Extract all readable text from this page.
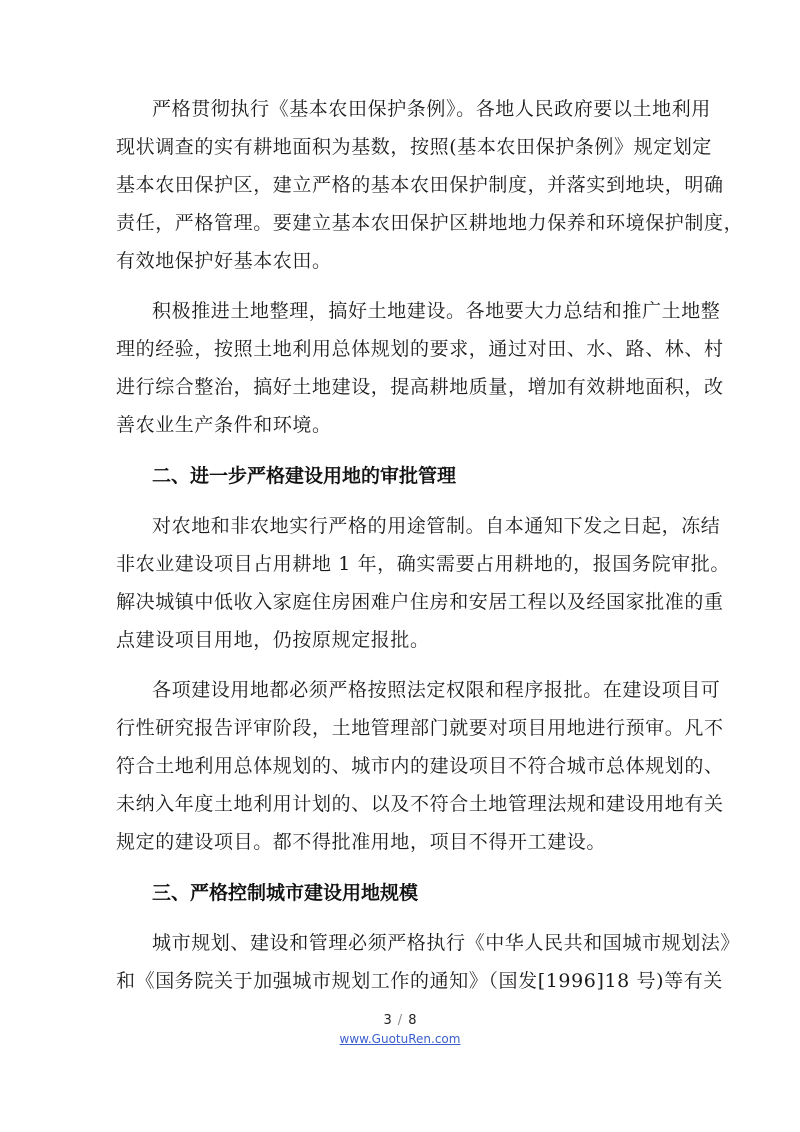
严格贯彻执行《基本农田保护条例》。各地人民政府要以土地利用
现状调查的实有耕地面积为基数，按照(基本农田保护条例》规定划定
基本农田保护区，建立严格的基本农田保护制度，并落实到地块，明确
责任，严格管理。要建立基本农田保护区耕地地力保养和环境保护制度，
有效地保护好基本农田。
积极推进土地整理，搞好土地建设。各地要大力总结和推广土地整
理的经验，按照土地利用总体规划的要求，通过对田、水、路、林、村
进行综合整治，搞好土地建设，提高耕地质量，增加有效耕地面积，改
善农业生产条件和环境。
二、进一步严格建设用地的审批管理
对农地和非农地实行严格的用途管制。自本通知下发之日起，冻结
非农业建设项目占用耕地 1 年，确实需要占用耕地的，报国务院审批。
解决城镇中低收入家庭住房困难户住房和安居工程以及经国家批准的重
点建设项目用地，仍按原规定报批。
各项建设用地都必须严格按照法定权限和程序报批。在建设项目可
行性研究报告评审阶段，土地管理部门就要对项目用地进行预审。凡不
符合土地利用总体规划的、城市内的建设项目不符合城市总体规划的、
未纳入年度土地利用计划的、以及不符合土地管理法规和建设用地有关
规定的建设项目。都不得批准用地，项目不得开工建设。
三、严格控制城市建设用地规模
城市规划、建设和管理必须严格执行《中华人民共和国城市规划法》
和《国务院关于加强城市规划工作的通知》（国发[1996]18 号)等有关
3 / 8
www.GuotuRen.com
